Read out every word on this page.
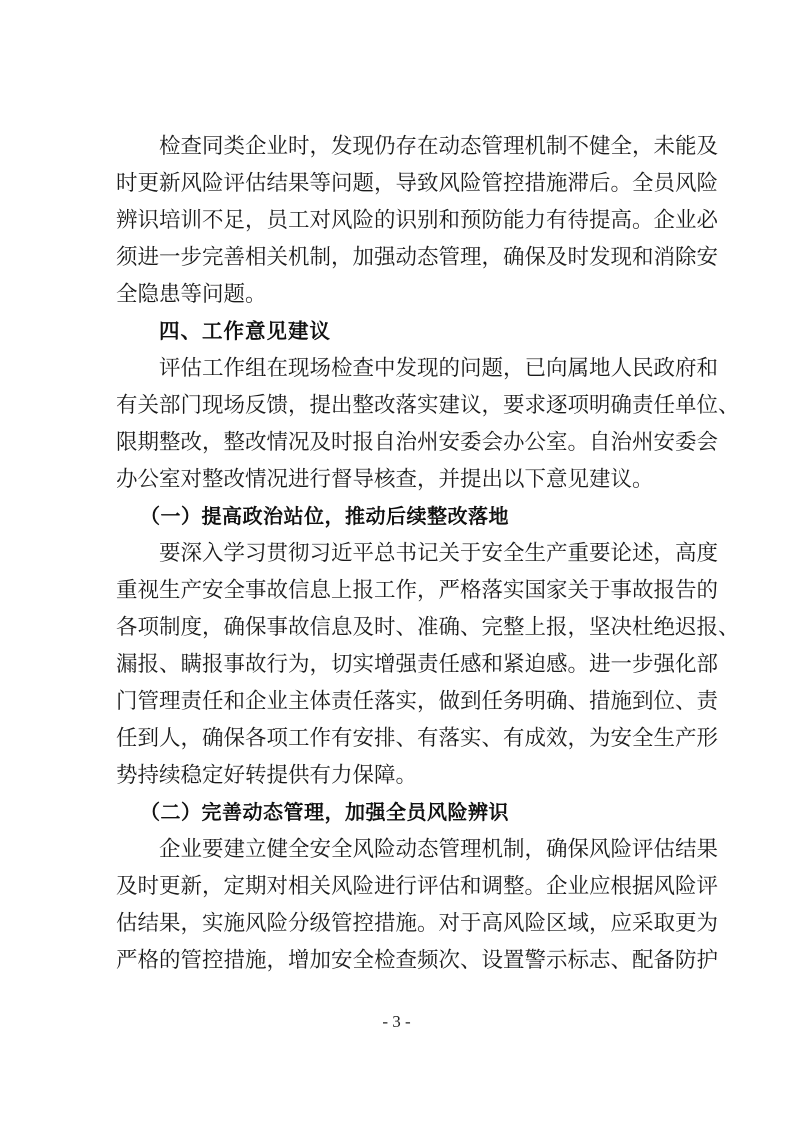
检查同类企业时，发现仍存在动态管理机制不健全，未能及
时更新风险评估结果等问题，导致风险管控措施滞后。全员风险
辨识培训不足，员工对风险的识别和预防能力有待提高。企业必
须进一步完善相关机制，加强动态管理，确保及时发现和消除安
全隐患等问题。

四、工作意见建议

评估工作组在现场检查中发现的问题，已向属地人民政府和
有关部门现场反馈，提出整改落实建议，要求逐项明确责任单位、
限期整改，整改情况及时报自治州安委会办公室。自治州安委会
办公室对整改情况进行督导核查，并提出以下意见建议。

（一）提高政治站位，推动后续整改落地

要深入学习贯彻习近平总书记关于安全生产重要论述，高度
重视生产安全事故信息上报工作，严格落实国家关于事故报告的
各项制度，确保事故信息及时、准确、完整上报，坚决杜绝迟报、
漏报、瞒报事故行为，切实增强责任感和紧迫感。进一步强化部
门管理责任和企业主体责任落实，做到任务明确、措施到位、责
任到人，确保各项工作有安排、有落实、有成效，为安全生产形
势持续稳定好转提供有力保障。

（二）完善动态管理，加强全员风险辨识

企业要建立健全安全风险动态管理机制，确保风险评估结果
及时更新，定期对相关风险进行评估和调整。企业应根据风险评
估结果，实施风险分级管控措施。对于高风险区域，应采取更为
严格的管控措施，增加安全检查频次、设置警示标志、配备防护

- 3 -
